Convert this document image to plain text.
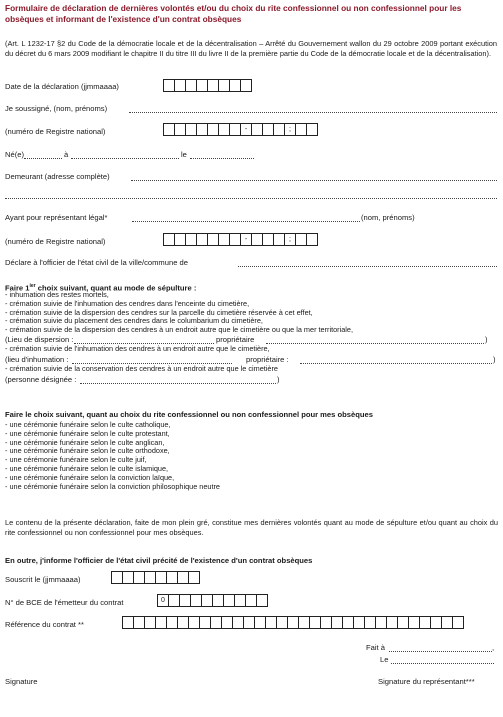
Formulaire de déclaration de dernières volontés et/ou du choix du rite confessionnel ou non confessionnel pour les obsèques et informant de l'existence d'un contrat obsèques
(Art. L 1232-17 §2 du Code de la démocratie locale et de la décentralisation – Arrêté du Gouvernement wallon du 29 octobre 2009 portant exécution du décret du 6 mars 2009 modifiant le chapitre II du titre III du livre II de la première partie du Code de la démocratie locale et de la décentralisation).
Date de la déclaration (jjmmaaaa)
Je soussigné, (nom, prénoms)
(numéro de Registre national)	-	;
Né(e)	à	le
Demeurant (adresse complète)
Ayant pour représentant légal*	(nom, prénoms)
(numéro de Registre national)	-	;
Déclare à l'officier de l'état civil de la ville/commune de
Faire $1^{ier}$ choix suivant, quant au mode de sépulture :
- inhumation des restes mortels,
- crémation suivie de l'inhumation des cendres dans l'enceinte du cimetière,
- crémation suivie de la dispersion des cendres sur la parcelle du cimetière réservée à cet effet,
- crémation suivie du placement des cendres dans le columbarium du cimetière,
- crémation suivie de la dispersion des cendres à un endroit autre que le cimetière ou que la mer territoriale,
(Lieu de dispersion :	propriétaire	)
- crémation suivie de l'inhumation des cendres à un endroit autre que le cimetière,
(lieu d'inhumation :	propriétaire :	)
- crémation suivie de la conservation des cendres à un endroit autre que le cimetière
(personne désignée :	)
Faire le choix suivant, quant au choix du rite confessionnel ou non confessionnel pour mes obsèques
- une cérémonie funéraire selon le culte catholique,
- une cérémonie funéraire selon le culte protestant,
- une cérémonie funéraire selon le culte anglican,
- une cérémonie funéraire selon le culte orthodoxe,
- une cérémonie funéraire selon le culte juif,
- une cérémonie funéraire selon le culte islamique,
- une cérémonie funéraire selon la conviction laïque,
- une cérémonie funéraire selon la conviction philosophique neutre
Le contenu de la présente déclaration, faite de mon plein gré, constitue mes dernières volontés quant au mode de sépulture et/ou quant au choix du rite confessionnel ou non confessionnel pour mes obsèques.
En outre, j'informe l'officier de l'état civil précité de l'existence d'un contrat obsèques
Souscrit le (jjmmaaaa)
N° de BCE de l'émetteur du contrat	0
Référence du contrat **
Fait à	,
Le
Signature	Signature du représentant***
